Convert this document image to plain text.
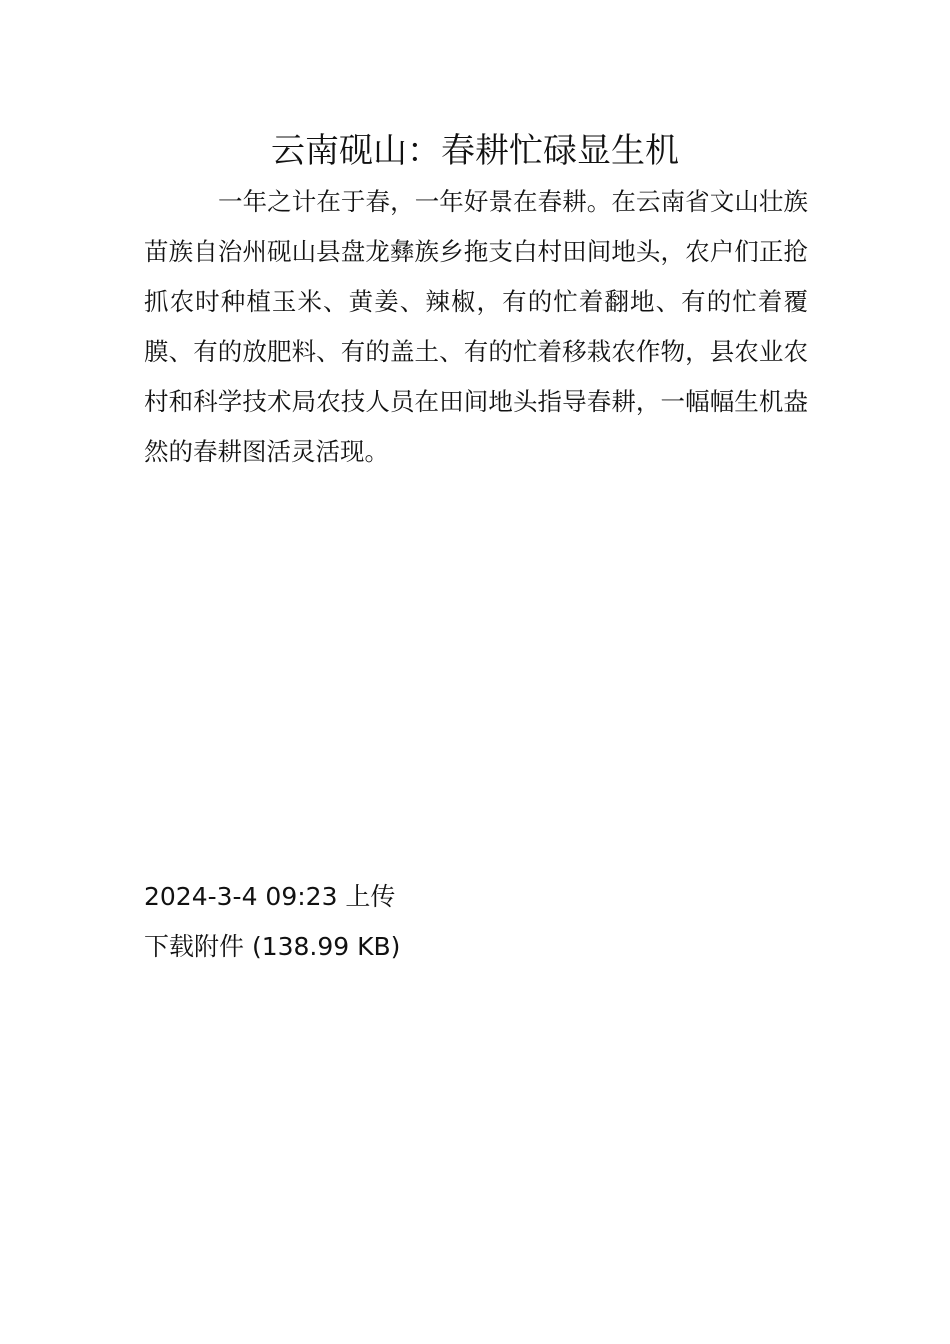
云南砚山：春耕忙碌显生机

一年之计在于春，一年好景在春耕。在云南省文山壮族苗族自治州砚山县盘龙彝族乡拖支白村田间地头，农户们正抢抓农时种植玉米、黄姜、辣椒，有的忙着翻地、有的忙着覆膜、有的放肥料、有的盖土、有的忙着移栽农作物，县农业农村和科学技术局农技人员在田间地头指导春耕，一幅幅生机盎然的春耕图活灵活现。

2024-3-4 09:23 上传
下载附件 (138.99 KB)
